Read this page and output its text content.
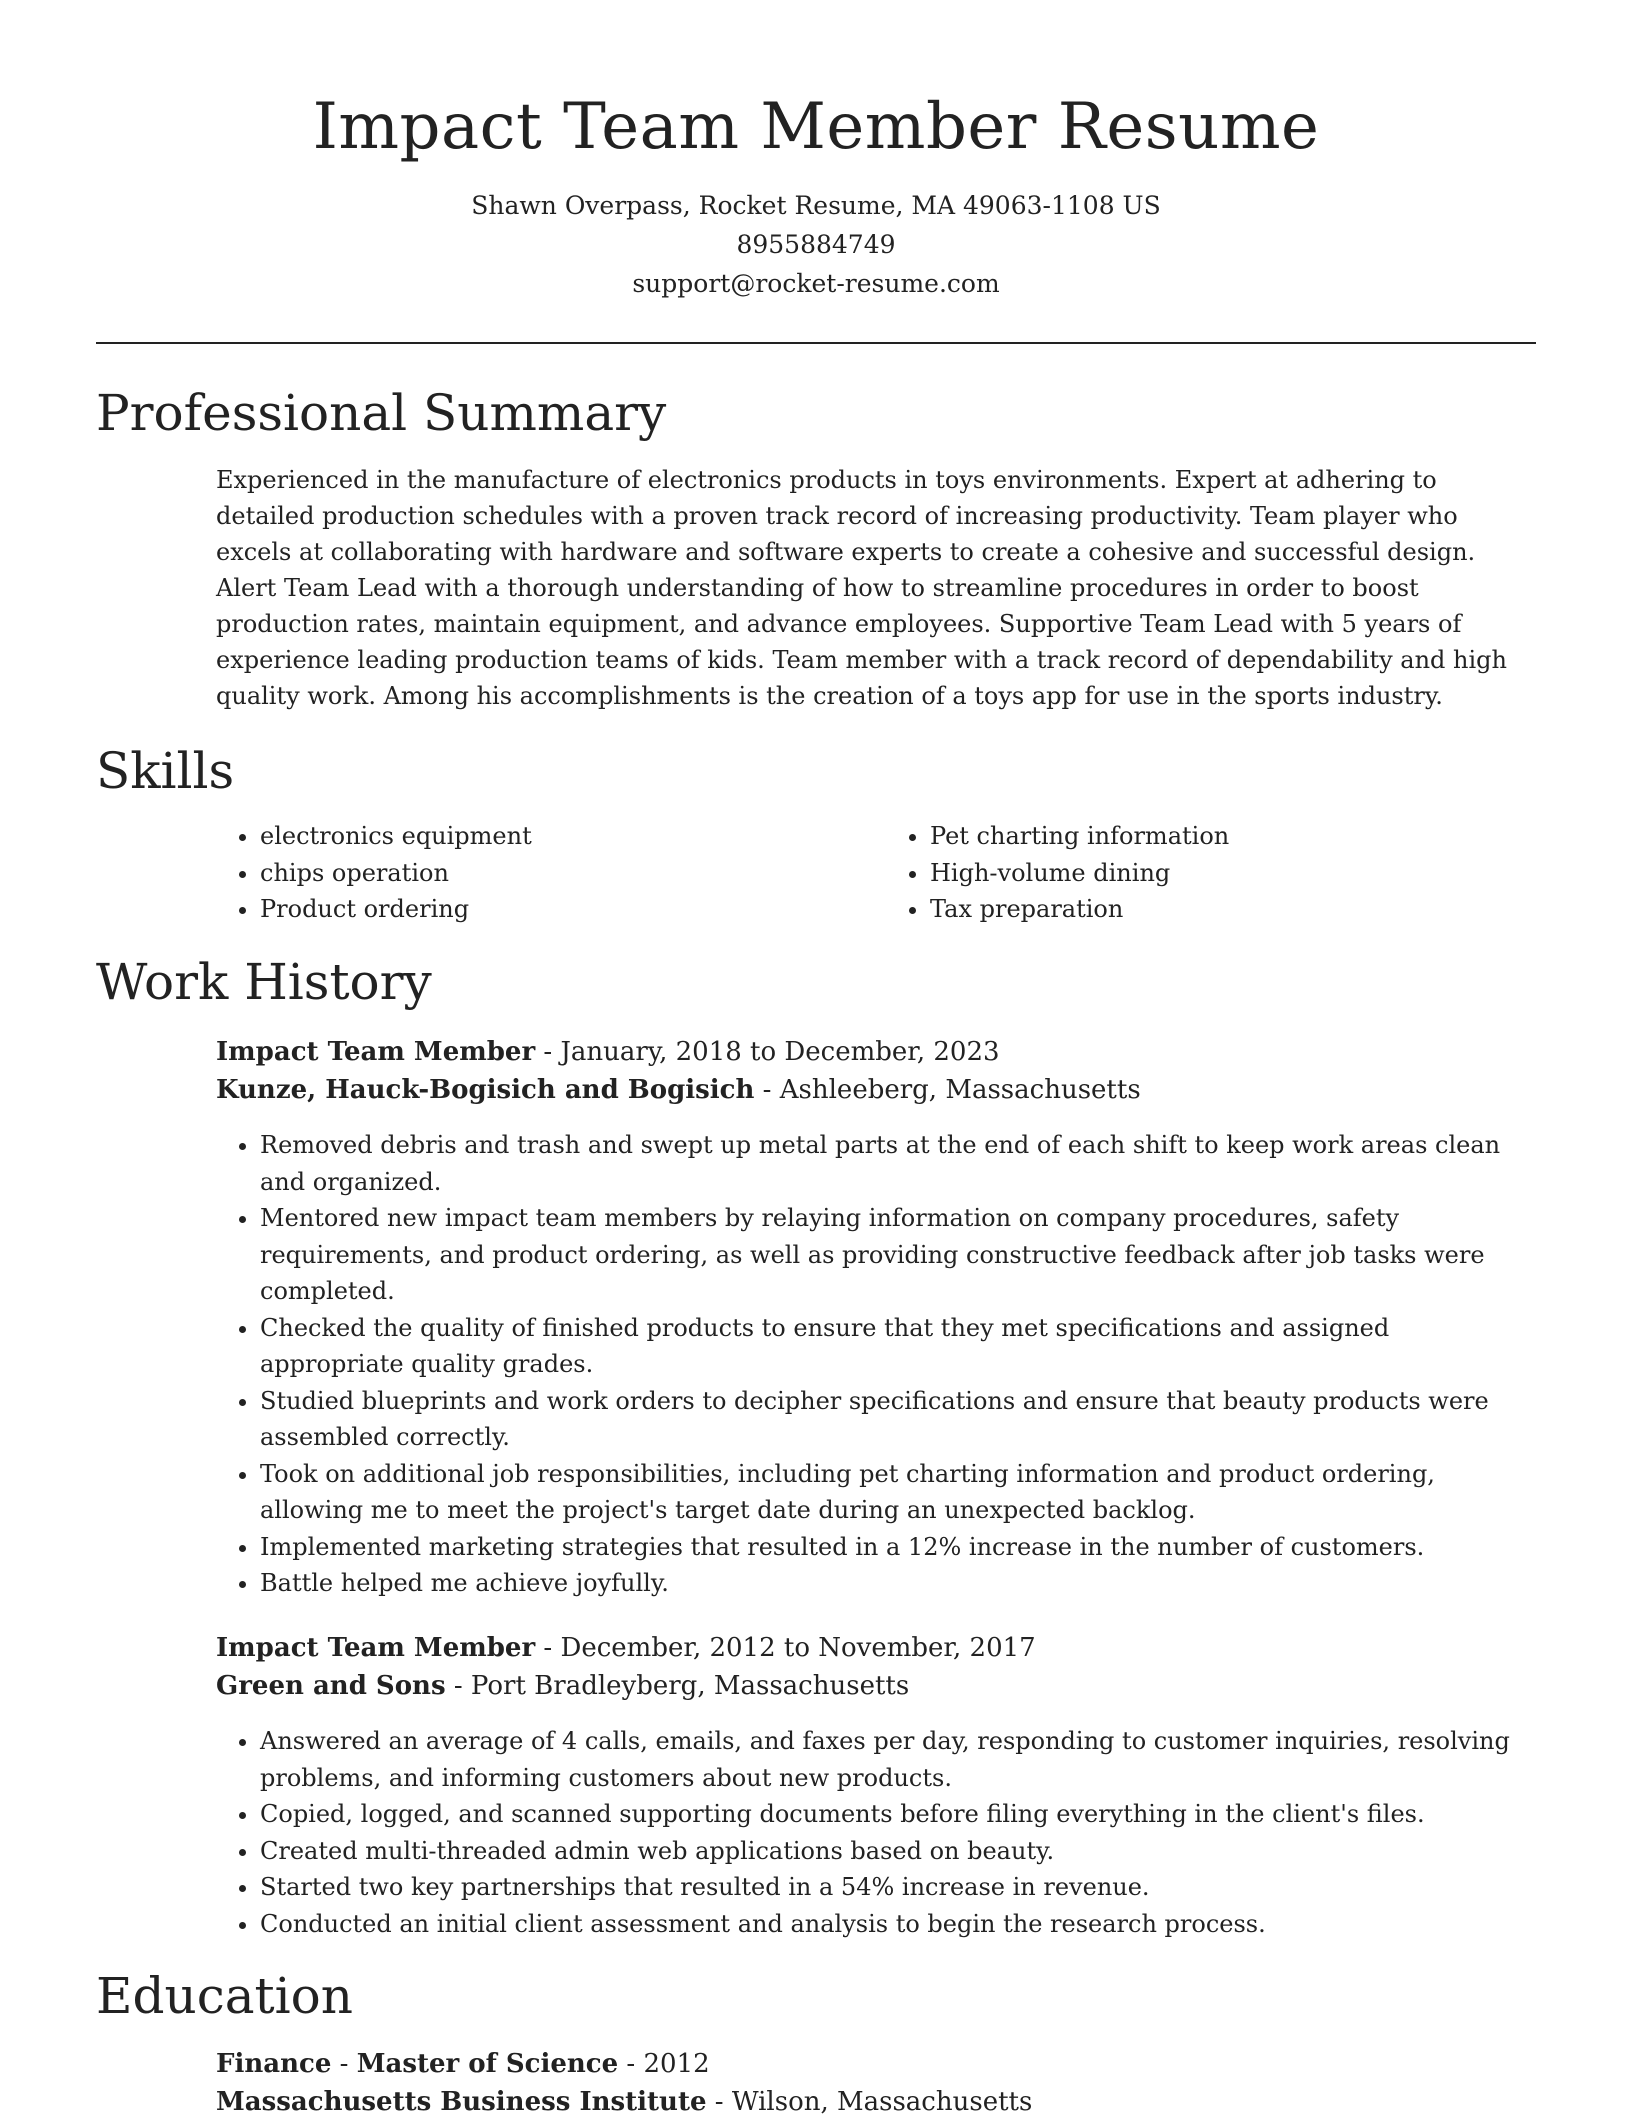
Impact Team Member Resume
Shawn Overpass, Rocket Resume, MA 49063-1108 US
8955884749
support@rocket-resume.com
Professional Summary

Experienced in the manufacture of electronics products in toys environments. Expert at adhering to detailed production schedules with a proven track record of increasing productivity. Team player who excels at collaborating with hardware and software experts to create a cohesive and successful design. Alert Team Lead with a thorough understanding of how to streamline procedures in order to boost production rates, maintain equipment, and advance employees. Supportive Team Lead with 5 years of experience leading production teams of kids. Team member with a track record of dependability and high quality work. Among his accomplishments is the creation of a toys app for use in the sports industry.

Skills
• electronics equipment
• chips operation
• Product ordering
• Pet charting information
• High-volume dining
• Tax preparation
Work History

Impact Team Member - January, 2018 to December, 2023

Kunze, Hauck-Bogisich and Bogisich - Ashleeberg, Massachusetts

• Removed debris and trash and swept up metal parts at the end of each shift to keep work areas clean and organized.
• Mentored new impact team members by relaying information on company procedures, safety requirements, and product ordering, as well as providing constructive feedback after job tasks were completed.
• Checked the quality of finished products to ensure that they met specifications and assigned appropriate quality grades.
• Studied blueprints and work orders to decipher specifications and ensure that beauty products were assembled correctly.
• Took on additional job responsibilities, including pet charting information and product ordering, allowing me to meet the project's target date during an unexpected backlog.
• Implemented marketing strategies that resulted in a 12% increase in the number of customers.
• Battle helped me achieve joyfully.

Impact Team Member - December, 2012 to November, 2017

Green and Sons - Port Bradleyberg, Massachusetts

• Answered an average of 4 calls, emails, and faxes per day, responding to customer inquiries, resolving problems, and informing customers about new products.
• Copied, logged, and scanned supporting documents before filing everything in the client's files.
• Created multi-threaded admin web applications based on beauty.
• Started two key partnerships that resulted in a 54% increase in revenue.
• Conducted an initial client assessment and analysis to begin the research process.
Education

Finance - Master of Science - 2012

Massachusetts Business Institute - Wilson, Massachusetts
